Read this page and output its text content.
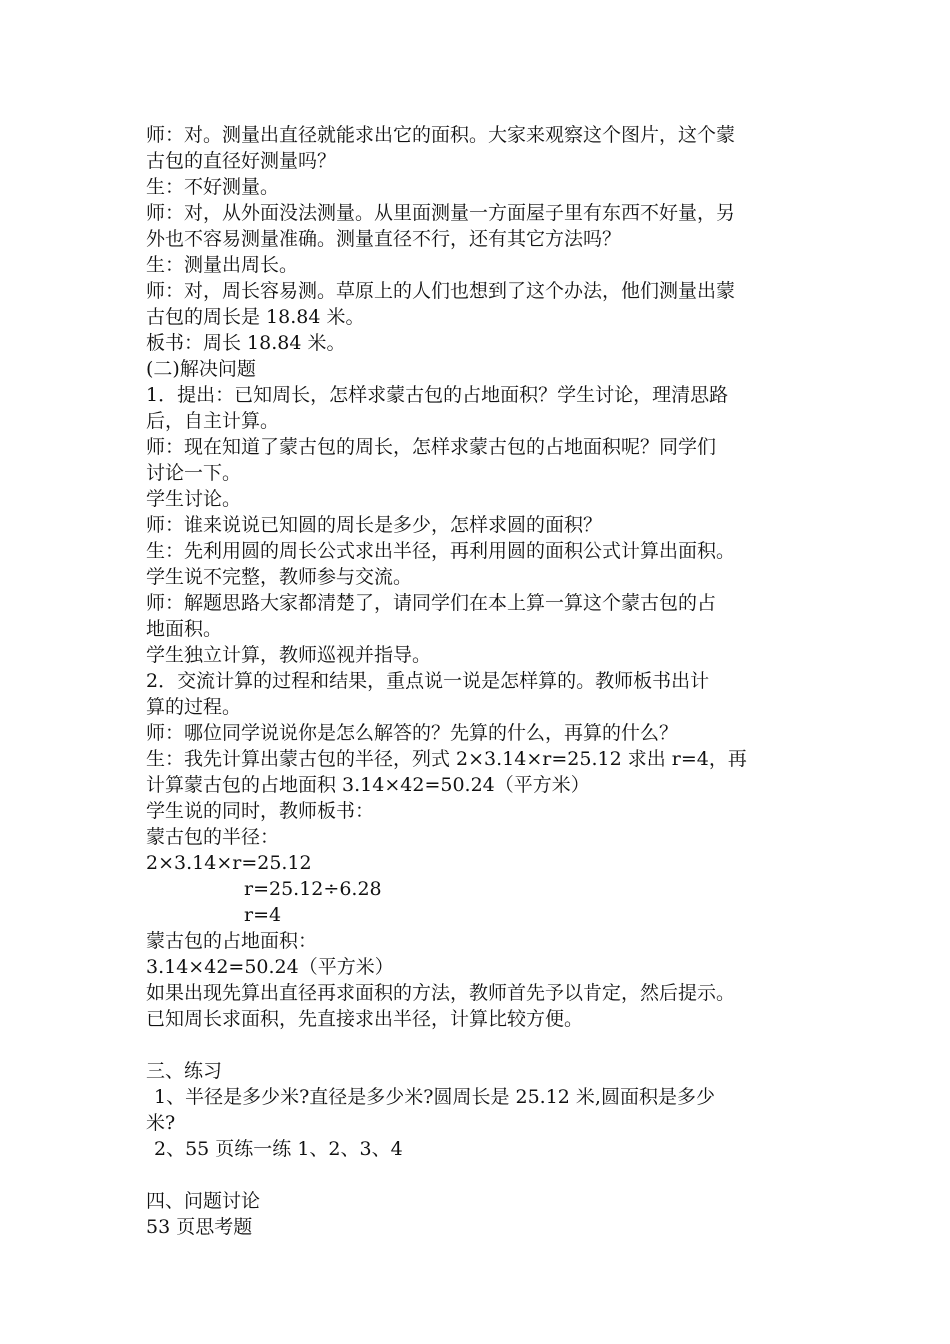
师：对。测量出直径就能求出它的面积。大家来观察这个图片，这个蒙
古包的直径好测量吗？
生：不好测量。
师：对，从外面没法测量。从里面测量一方面屋子里有东西不好量，另
外也不容易测量准确。测量直径不行，还有其它方法吗？
生：测量出周长。
师：对，周长容易测。草原上的人们也想到了这个办法，他们测量出蒙
古包的周长是 18.84 米。
板书：周长 18.84 米。
(二)解决问题
1．提出：已知周长，怎样求蒙古包的占地面积？学生讨论，理清思路
后，自主计算。
师：现在知道了蒙古包的周长，怎样求蒙古包的占地面积呢？同学们
讨论一下。
学生讨论。
师：谁来说说已知圆的周长是多少，怎样求圆的面积？
生：先利用圆的周长公式求出半径，再利用圆的面积公式计算出面积。
学生说不完整，教师参与交流。
师：解题思路大家都清楚了，请同学们在本上算一算这个蒙古包的占
地面积。
学生独立计算，教师巡视并指导。
2．交流计算的过程和结果，重点说一说是怎样算的。教师板书出计
算的过程。
师：哪位同学说说你是怎么解答的？先算的什么，再算的什么？
生：我先计算出蒙古包的半径，列式 2×3.14×r=25.12 求出 r=4，再
计算蒙古包的占地面积 3.14×42=50.24（平方米）
学生说的同时，教师板书：
蒙古包的半径：
2×3.14×r=25.12
r=25.12÷6.28
r=4
蒙古包的占地面积：
3.14×42=50.24（平方米）
如果出现先算出直径再求面积的方法，教师首先予以肯定，然后提示。
已知周长求面积，先直接求出半径，计算比较方便。
三、练习
1、半径是多少米?直径是多少米?圆周长是 25.12 米,圆面积是多少
米?
2、55 页练一练 1、2、3、4
四、问题讨论
53 页思考题
